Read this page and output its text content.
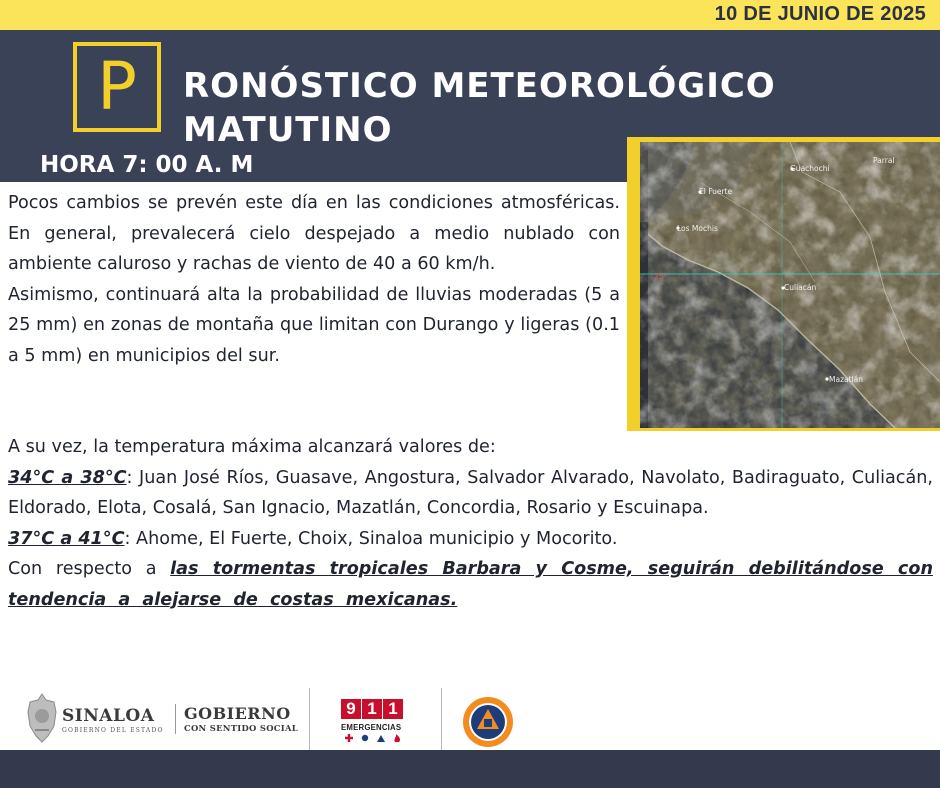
10 DE JUNIO DE 2025
P	RONÓSTICO METEOROLÓGICO
MATUTINO
HORA 7: 00 A. M	Guachochi
Parral
El Fuerte
Los Mochis
25°
Culiacán
Mazatlán

Pocos cambios se prevén este día en las condiciones atmosféricas. En general, prevalecerá cielo despejado a medio nublado con ambiente caluroso y rachas de viento de 40 a 60 km/h.

Asimismo, continuará alta la probabilidad de lluvias moderadas (5 a 25 mm) en zonas de montaña que limitan con Durango y ligeras (0.1 a 5 mm) en municipios del sur.

A su vez, la temperatura máxima alcanzará valores de:

34°C a 38°C: Juan José Ríos, Guasave, Angostura, Salvador Alvarado, Navolato, Badiraguato, Culiacán, Eldorado, Elota, Cosalá, San Ignacio, Mazatlán, Concordia, Rosario y Escuinapa.

37°C a 41°C: Ahome, El Fuerte, Choix, Sinaloa municipio y Mocorito.

Con respecto a las tormentas tropicales Barbara y Cosme, seguirán debilitándose con tendencia a alejarse de costas mexicanas.

SINALOA
GOBIERNO DEL ESTADO
GOBIERNO
CON SENTIDO SOCIAL
9 1 1
EMERGENCIAS
